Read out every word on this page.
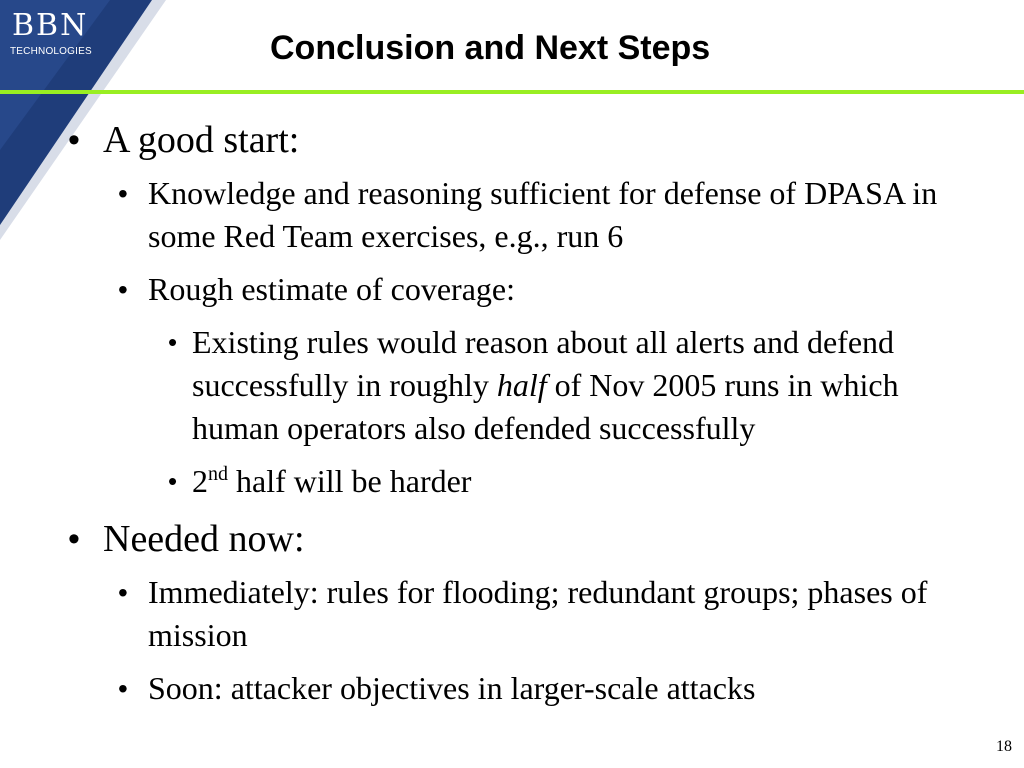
BBN
TECHNOLOGIES	Conclusion and Next Steps

• A good start:

• Knowledge and reasoning sufficient for defense of DPASA in some Red Team exercises, e.g., run 6

• Rough estimate of coverage:

• Existing rules would reason about all alerts and defend successfully in roughly half of Nov 2005 runs in which human operators also defended successfully

• 2nd half will be harder

• Needed now:

• Immediately: rules for flooding; redundant groups; phases of mission

• Soon: attacker objectives in larger-scale attacks

18
